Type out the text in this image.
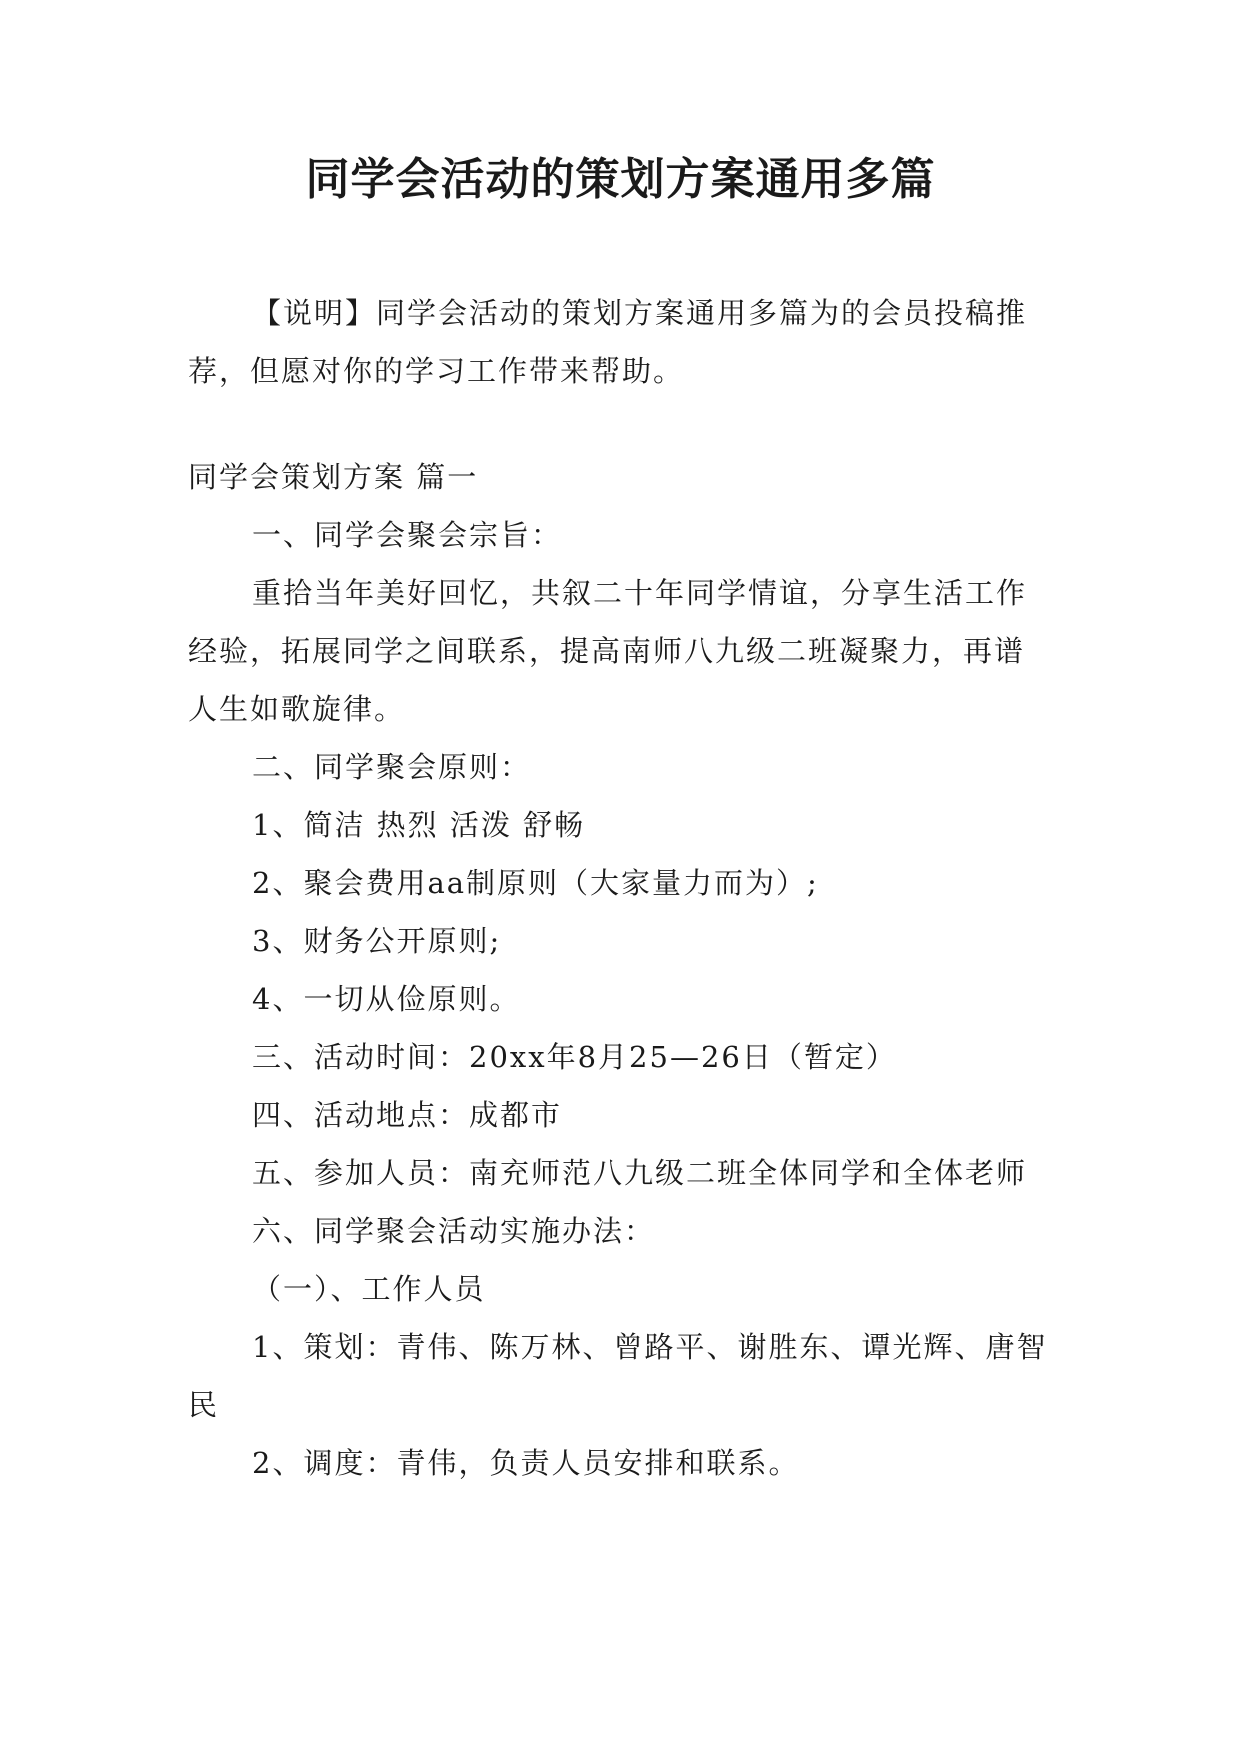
同学会活动的策划方案通用多篇

【说明】同学会活动的策划方案通用多篇为的会员投稿推荐，但愿对你的学习工作带来帮助。

同学会策划方案 篇一

一、同学会聚会宗旨：

重拾当年美好回忆，共叙二十年同学情谊，分享生活工作经验，拓展同学之间联系，提高南师八九级二班凝聚力，再谱人生如歌旋律。

二、同学聚会原则：

1、简洁 热烈 活泼 舒畅

2、聚会费用aa制原则（大家量力而为）;

3、财务公开原则;

4、一切从俭原则。

三、活动时间：20xx年8月25—26日（暂定）

四、活动地点：成都市

五、参加人员：南充师范八九级二班全体同学和全体老师

六、同学聚会活动实施办法：

（一）、工作人员

1、策划：青伟、陈万林、曾路平、谢胜东、谭光辉、唐智民

2、调度：青伟，负责人员安排和联系。
